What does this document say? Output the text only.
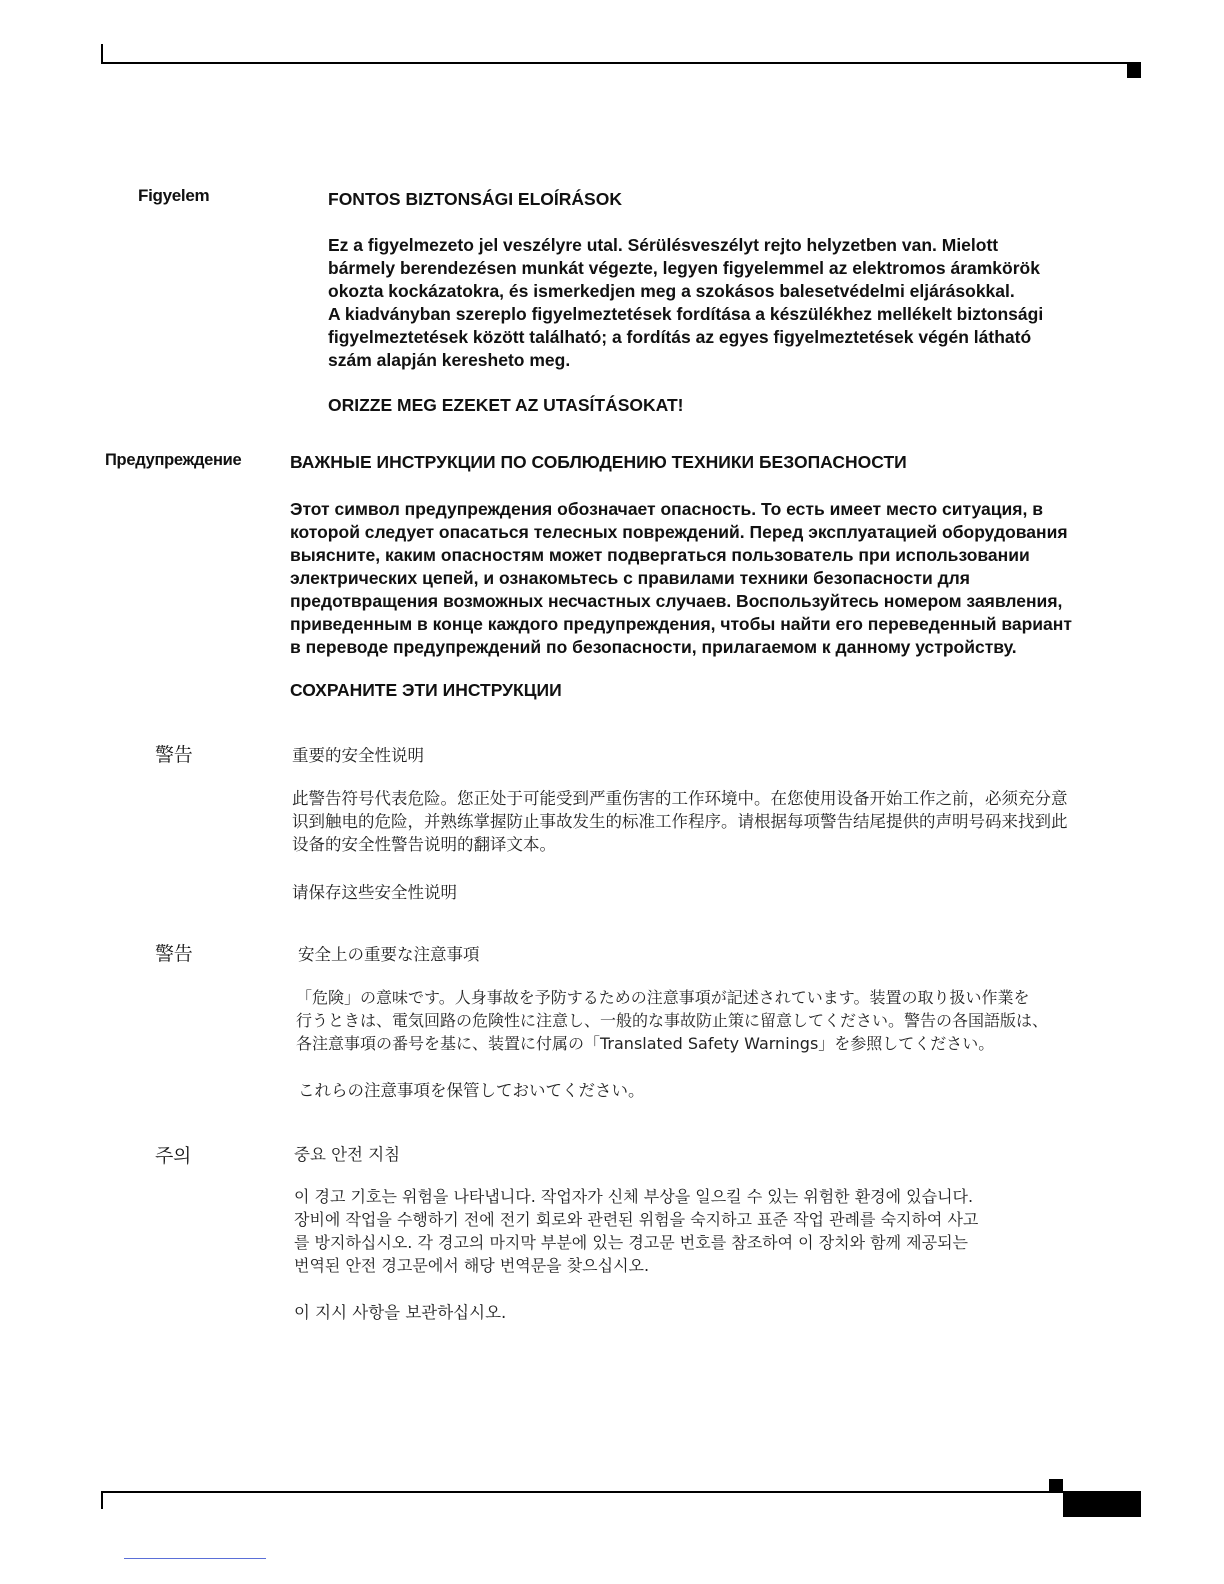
Figyelem	FONTOS BIZTONSÁGI ELOÍRÁSOK
Ez a figyelmezeto jel veszélyre utal. Sérülésveszélyt rejto helyzetben van. Mielott
bármely berendezésen munkát végezte, legyen figyelemmel az elektromos áramkörök
okozta kockázatokra, és ismerkedjen meg a szokásos balesetvédelmi eljárásokkal.
A kiadványban szereplo figyelmeztetések fordítása a készülékhez mellékelt biztonsági
figyelmeztetések között található; a fordítás az egyes figyelmeztetések végén látható
szám alapján kereshetо meg.
ORIZZE MEG EZEKET AZ UTASÍTÁSOKAT!
Предупреждение	ВАЖНЫЕ ИНСТРУКЦИИ ПО СОБЛЮДЕНИЮ ТЕХНИКИ БЕЗОПАСНОСТИ
Этот символ предупреждения обозначает опасность. То есть имеет место ситуация, в
которой следует опасаться телесных повреждений. Перед эксплуатацией оборудования
выясните, каким опасностям может подвергаться пользователь при использовании
электрических цепей, и ознакомьтесь с правилами техники безопасности для
предотвращения возможных несчастных случаев. Воспользуйтесь номером заявления,
приведенным в конце каждого предупреждения, чтобы найти его переведенный вариант
в переводе предупреждений по безопасности, прилагаемом к данному устройству.
СОХРАНИТЕ ЭТИ ИНСТРУКЦИИ
警告	重要的安全性说明
此警告符号代表危险。您正处于可能受到严重伤害的工作环境中。在您使用设备开始工作之前，必须充分意
识到触电的危险，并熟练掌握防止事故发生的标准工作程序。请根据每项警告结尾提供的声明号码来找到此
设备的安全性警告说明的翻译文本。
请保存这些安全性说明
警告	安全上の重要な注意事項
「危険」の意味です。人身事故を予防するための注意事項が記述されています。装置の取り扱い作業を
行うときは、電気回路の危険性に注意し、一般的な事故防止策に留意してください。警告の各国語版は、
各注意事項の番号を基に、装置に付属の「Translated Safety Warnings」を参照してください。
これらの注意事項を保管しておいてください。
주의	중요 안전 지침
이 경고 기호는 위험을 나타냅니다. 작업자가 신체 부상을 일으킬 수 있는 위험한 환경에 있습니다.
장비에 작업을 수행하기 전에 전기 회로와 관련된 위험을 숙지하고 표준 작업 관례를 숙지하여 사고
를 방지하십시오. 각 경고의 마지막 부분에 있는 경고문 번호를 참조하여 이 장치와 함께 제공되는
번역된 안전 경고문에서 해당 번역문을 찾으십시오.
이 지시 사항을 보관하십시오.
